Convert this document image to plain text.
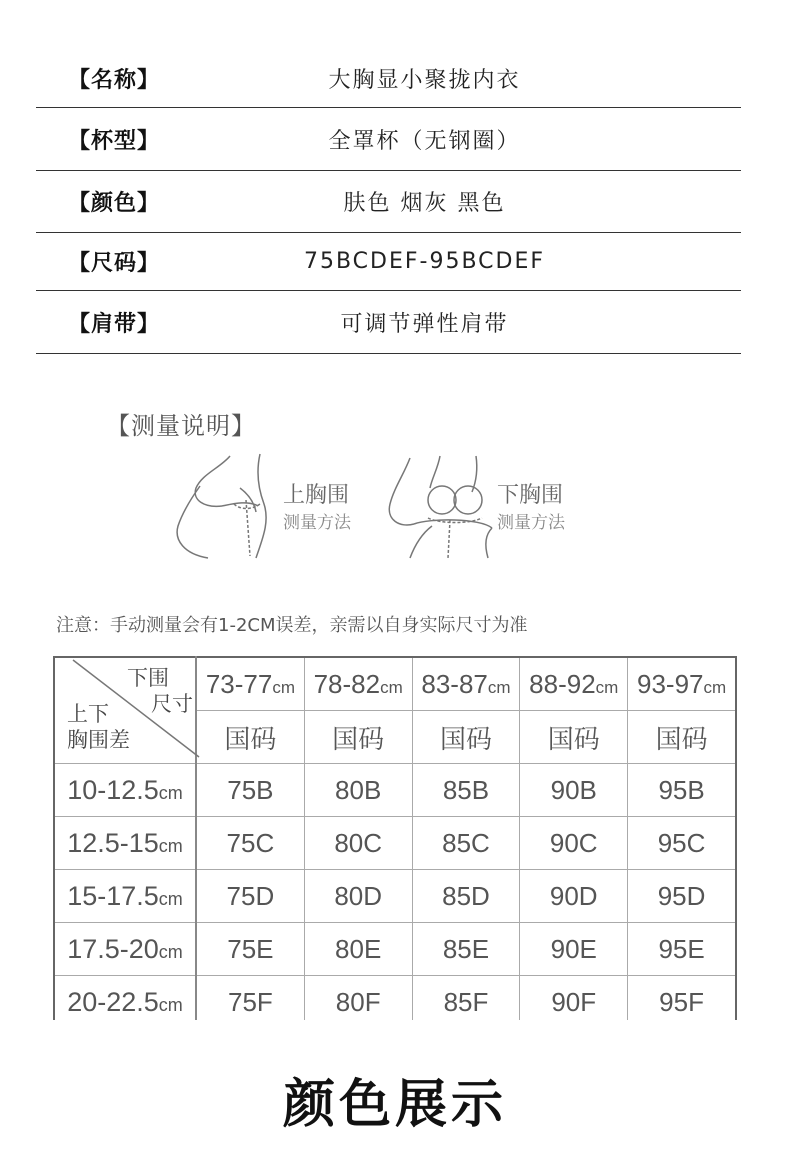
【名称】	大胸显小聚拢内衣
【杯型】	全罩杯（无钢圈）
【颜色】	肤色 烟灰 黑色
【尺码】	75BCDEF-95BCDEF
【肩带】	可调节弹性肩带
【测量说明】
上胸围
测量方法
下胸围
测量方法
注意：手动测量会有1-2CM误差，亲需以自身实际尺寸为准
下围
尺寸
上下
胸围差	73-77cm	78-82cm	83-87cm	88-92cm	93-97cm
	国码	国码	国码	国码	国码
10-12.5cm	75B	80B	85B	90B	95B
12.5-15cm	75C	80C	85C	90C	95C
15-17.5cm	75D	80D	85D	90D	95D
17.5-20cm	75E	80E	85E	90E	95E
20-22.5cm	75F	80F	85F	90F	95F
颜色展示
